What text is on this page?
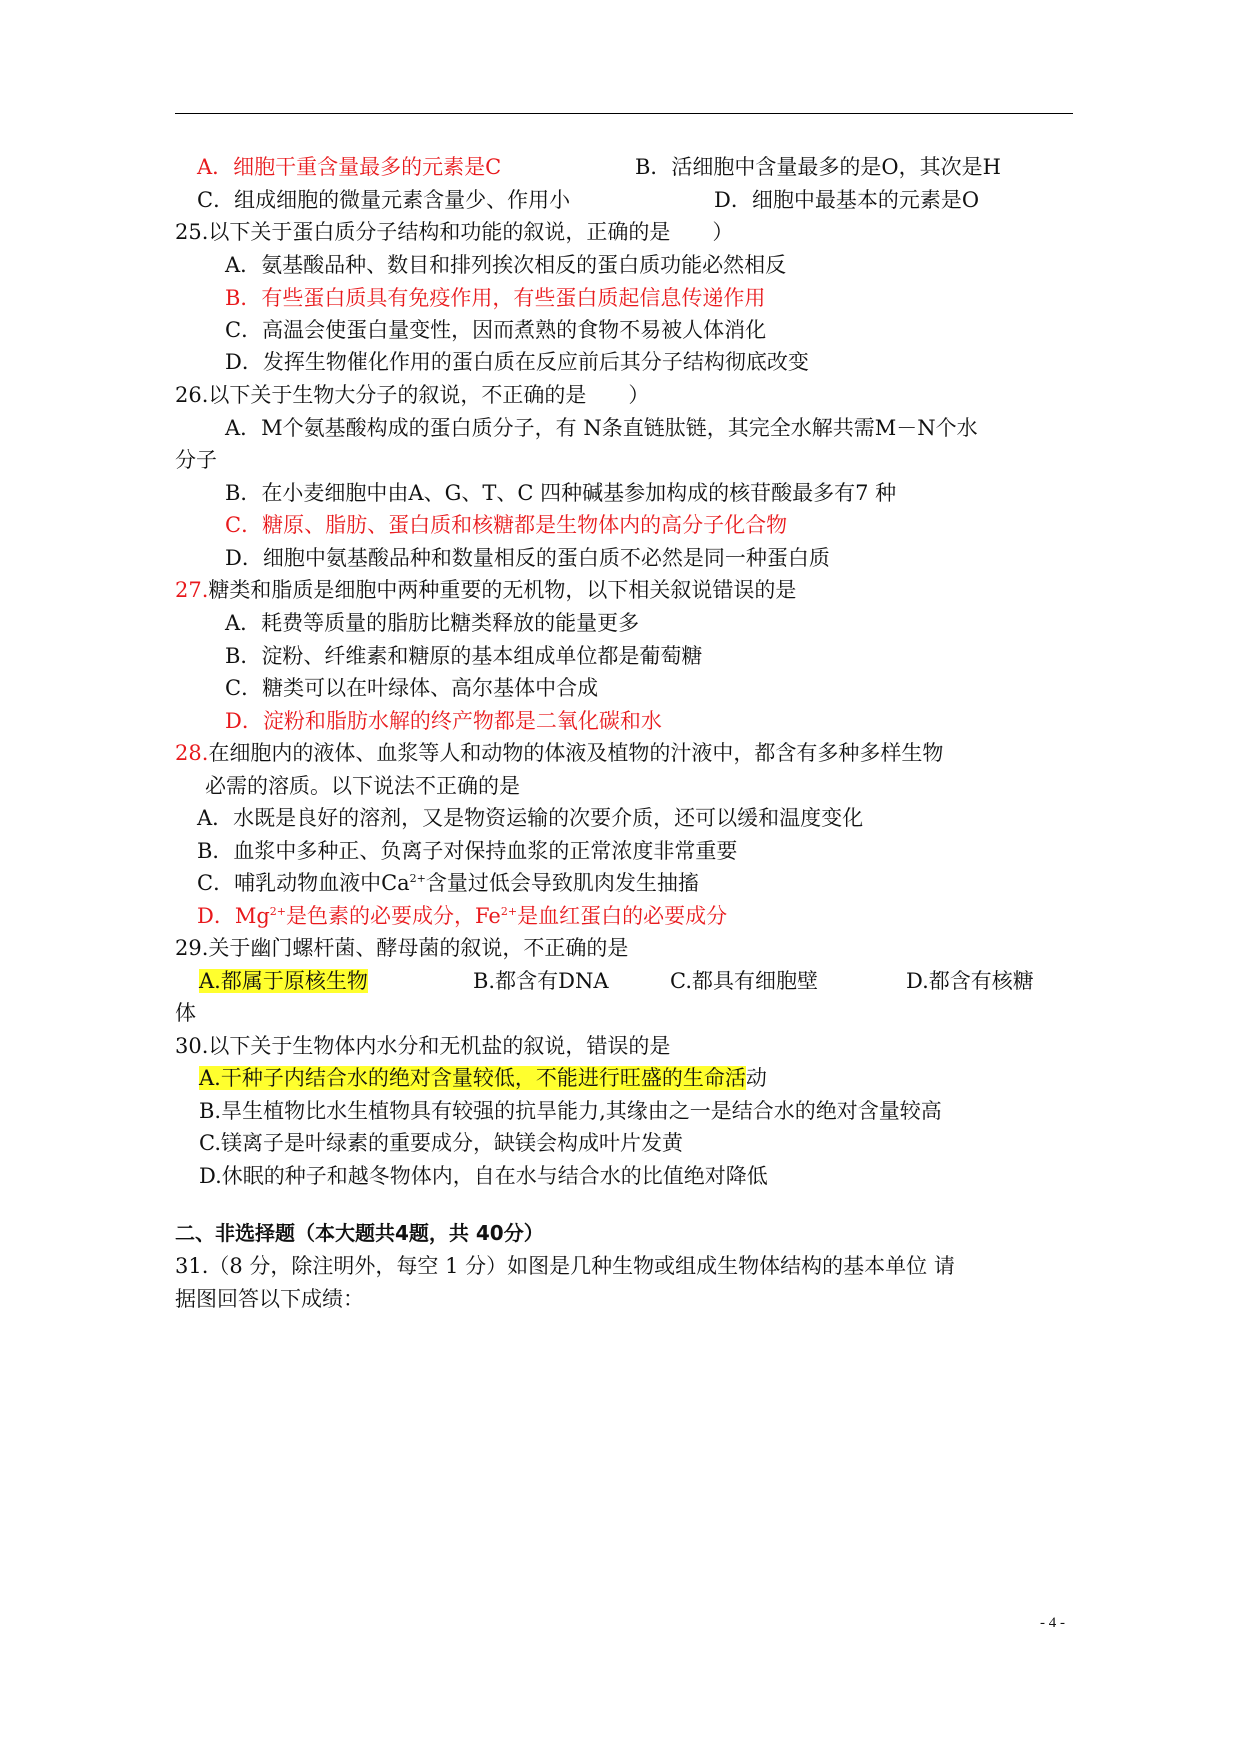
A．细胞干重含量最多的元素是C	B．活细胞中含量最多的是O，其次是H
C．组成细胞的微量元素含量少、作用小	D．细胞中最基本的元素是O
25.以下关于蛋白质分子结构和功能的叙说，正确的是　　）
A．氨基酸品种、数目和排列挨次相反的蛋白质功能必然相反
B．有些蛋白质具有免疫作用，有些蛋白质起信息传递作用
C．高温会使蛋白量变性，因而煮熟的食物不易被人体消化
D．发挥生物催化作用的蛋白质在反应前后其分子结构彻底改变
26.以下关于生物大分子的叙说，不正确的是　　）
A．M个氨基酸构成的蛋白质分子，有 N条直链肽链，其完全水解共需M－N个水
分子
B．在小麦细胞中由A、G、T、C 四种碱基参加构成的核苷酸最多有7 种
C．糖原、脂肪、蛋白质和核糖都是生物体内的高分子化合物
D．细胞中氨基酸品种和数量相反的蛋白质不必然是同一种蛋白质
27.糖类和脂质是细胞中两种重要的无机物，以下相关叙说错误的是
A．耗费等质量的脂肪比糖类释放的能量更多
B．淀粉、纤维素和糖原的基本组成单位都是葡萄糖
C．糖类可以在叶绿体、高尔基体中合成
D．淀粉和脂肪水解的终产物都是二氧化碳和水
28.在细胞内的液体、血浆等人和动物的体液及植物的汁液中，都含有多种多样生物
必需的溶质。以下说法不正确的是
A．水既是良好的溶剂，又是物资运输的次要介质，还可以缓和温度变化
B．血浆中多种正、负离子对保持血浆的正常浓度非常重要
C．哺乳动物血液中$Ca^{2+}$含量过低会导致肌肉发生抽搐
D．$Mg^{2+}$是色素的必要成分，$Fe^{2+}$是血红蛋白的必要成分
29.关于幽门螺杆菌、酵母菌的叙说，不正确的是
A.都属于原核生物	B.都含有DNA	C.都具有细胞壁	D.都含有核糖
体
30.以下关于生物体内水分和无机盐的叙说，错误的是
A.干种子内结合水的绝对含量较低，不能进行旺盛的生命活动
B.旱生植物比水生植物具有较强的抗旱能力,其缘由之一是结合水的绝对含量较高
C.镁离子是叶绿素的重要成分，缺镁会构成叶片发黄
D.休眠的种子和越冬物体内，自在水与结合水的比值绝对降低
二、非选择题（本大题共4题，共 40分）
31.（8 分，除注明外，每空 1 分）如图是几种生物或组成生物体结构的基本单位 请
据图回答以下成绩：
- 4 -
